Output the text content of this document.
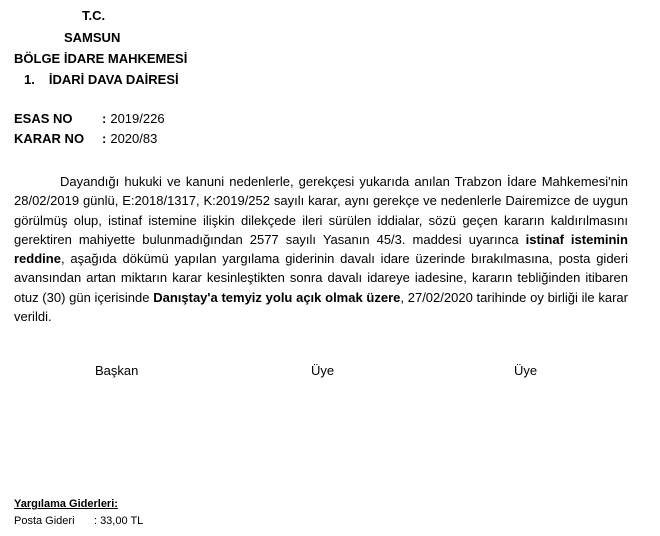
T.C.
SAMSUN
BÖLGE İDARE MAHKEMESİ
1. İDARİ DAVA DAİRESİ
ESAS NO : 2019/226
KARAR NO : 2020/83
Dayandığı hukuki ve kanuni nedenlerle, gerekçesi yukarıda anılan Trabzon İdare Mahkemesi'nin 28/02/2019 günlü, E:2018/1317, K:2019/252 sayılı karar, aynı gerekçe ve nedenlerle Dairemizce de uygun görülmüş olup, istinaf istemine ilişkin dilekçede ileri sürülen iddialar, sözü geçen kararın kaldırılmasını gerektiren mahiyette bulunmadığından 2577 sayılı Yasanın 45/3. maddesi uyarınca istinaf isteminin reddine, aşağıda dökümü yapılan yargılama giderinin davalı idare üzerinde bırakılmasına, posta gideri avansından artan miktarın karar kesinleştikten sonra davalı idareye iadesine, kararın tebliğinden itibaren otuz (30) gün içerisinde Danıştay'a temyiz yolu açık olmak üzere, 27/02/2020 tarihinde oy birliği ile karar verildi.
Başkan	Üye	Üye
Yargılama Giderleri:
Posta Gideri : 33,00 TL
